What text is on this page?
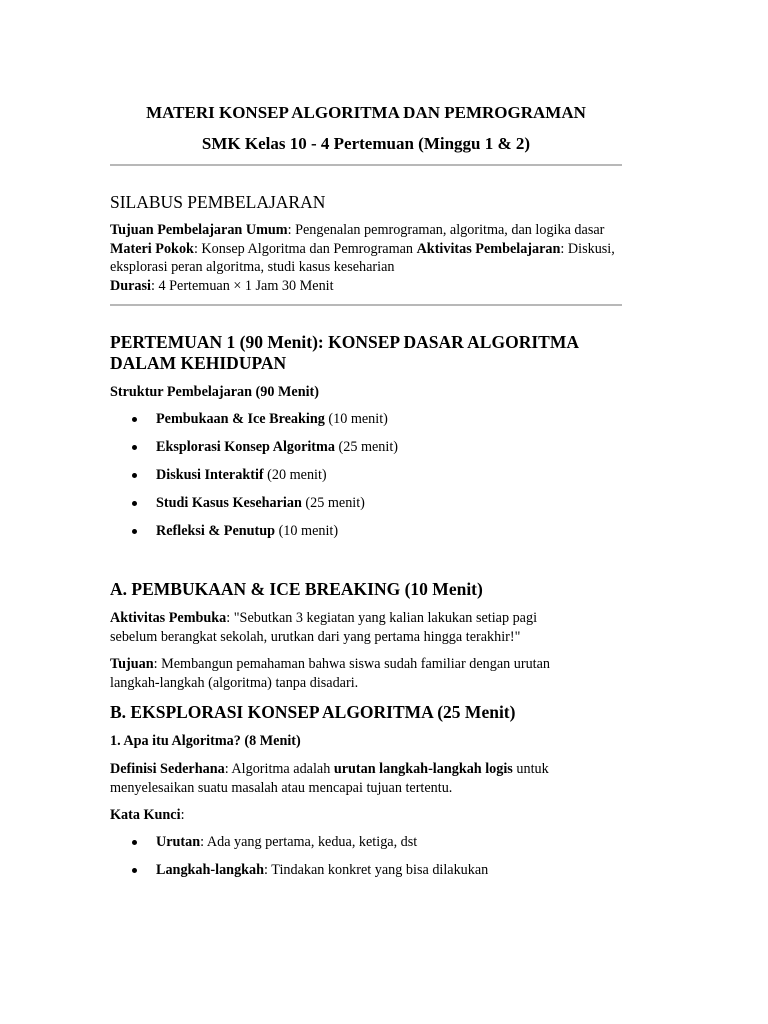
MATERI KONSEP ALGORITMA DAN PEMROGRAMAN
SMK Kelas 10 - 4 Pertemuan (Minggu 1 & 2)
SILABUS PEMBELAJARAN

Tujuan Pembelajaran Umum: Pengenalan pemrograman, algoritma, dan logika dasar Materi Pokok: Konsep Algoritma dan Pemrograman Aktivitas Pembelajaran: Diskusi, eksplorasi peran algoritma, studi kasus keseharian
Durasi: 4 Pertemuan × 1 Jam 30 Menit

PERTEMUAN 1 (90 Menit): KONSEP DASAR ALGORITMA
DALAM KEHIDUPAN

Struktur Pembelajaran (90 Menit)

Pembukaan & Ice Breaking (10 menit)
Eksplorasi Konsep Algoritma (25 menit)
Diskusi Interaktif (20 menit)
Studi Kasus Keseharian (25 menit)
Refleksi & Penutup (10 menit)
A. PEMBUKAAN & ICE BREAKING (10 Menit)

Aktivitas Pembuka: "Sebutkan 3 kegiatan yang kalian lakukan setiap pagi
sebelum berangkat sekolah, urutkan dari yang pertama hingga terakhir!"

Tujuan: Membangun pemahaman bahwa siswa sudah familiar dengan urutan
langkah-langkah (algoritma) tanpa disadari.

B. EKSPLORASI KONSEP ALGORITMA (25 Menit)

1. Apa itu Algoritma? (8 Menit)

Definisi Sederhana: Algoritma adalah urutan langkah-langkah logis untuk
menyelesaikan suatu masalah atau mencapai tujuan tertentu.

Kata Kunci:

Urutan: Ada yang pertama, kedua, ketiga, dst
Langkah-langkah: Tindakan konkret yang bisa dilakukan
